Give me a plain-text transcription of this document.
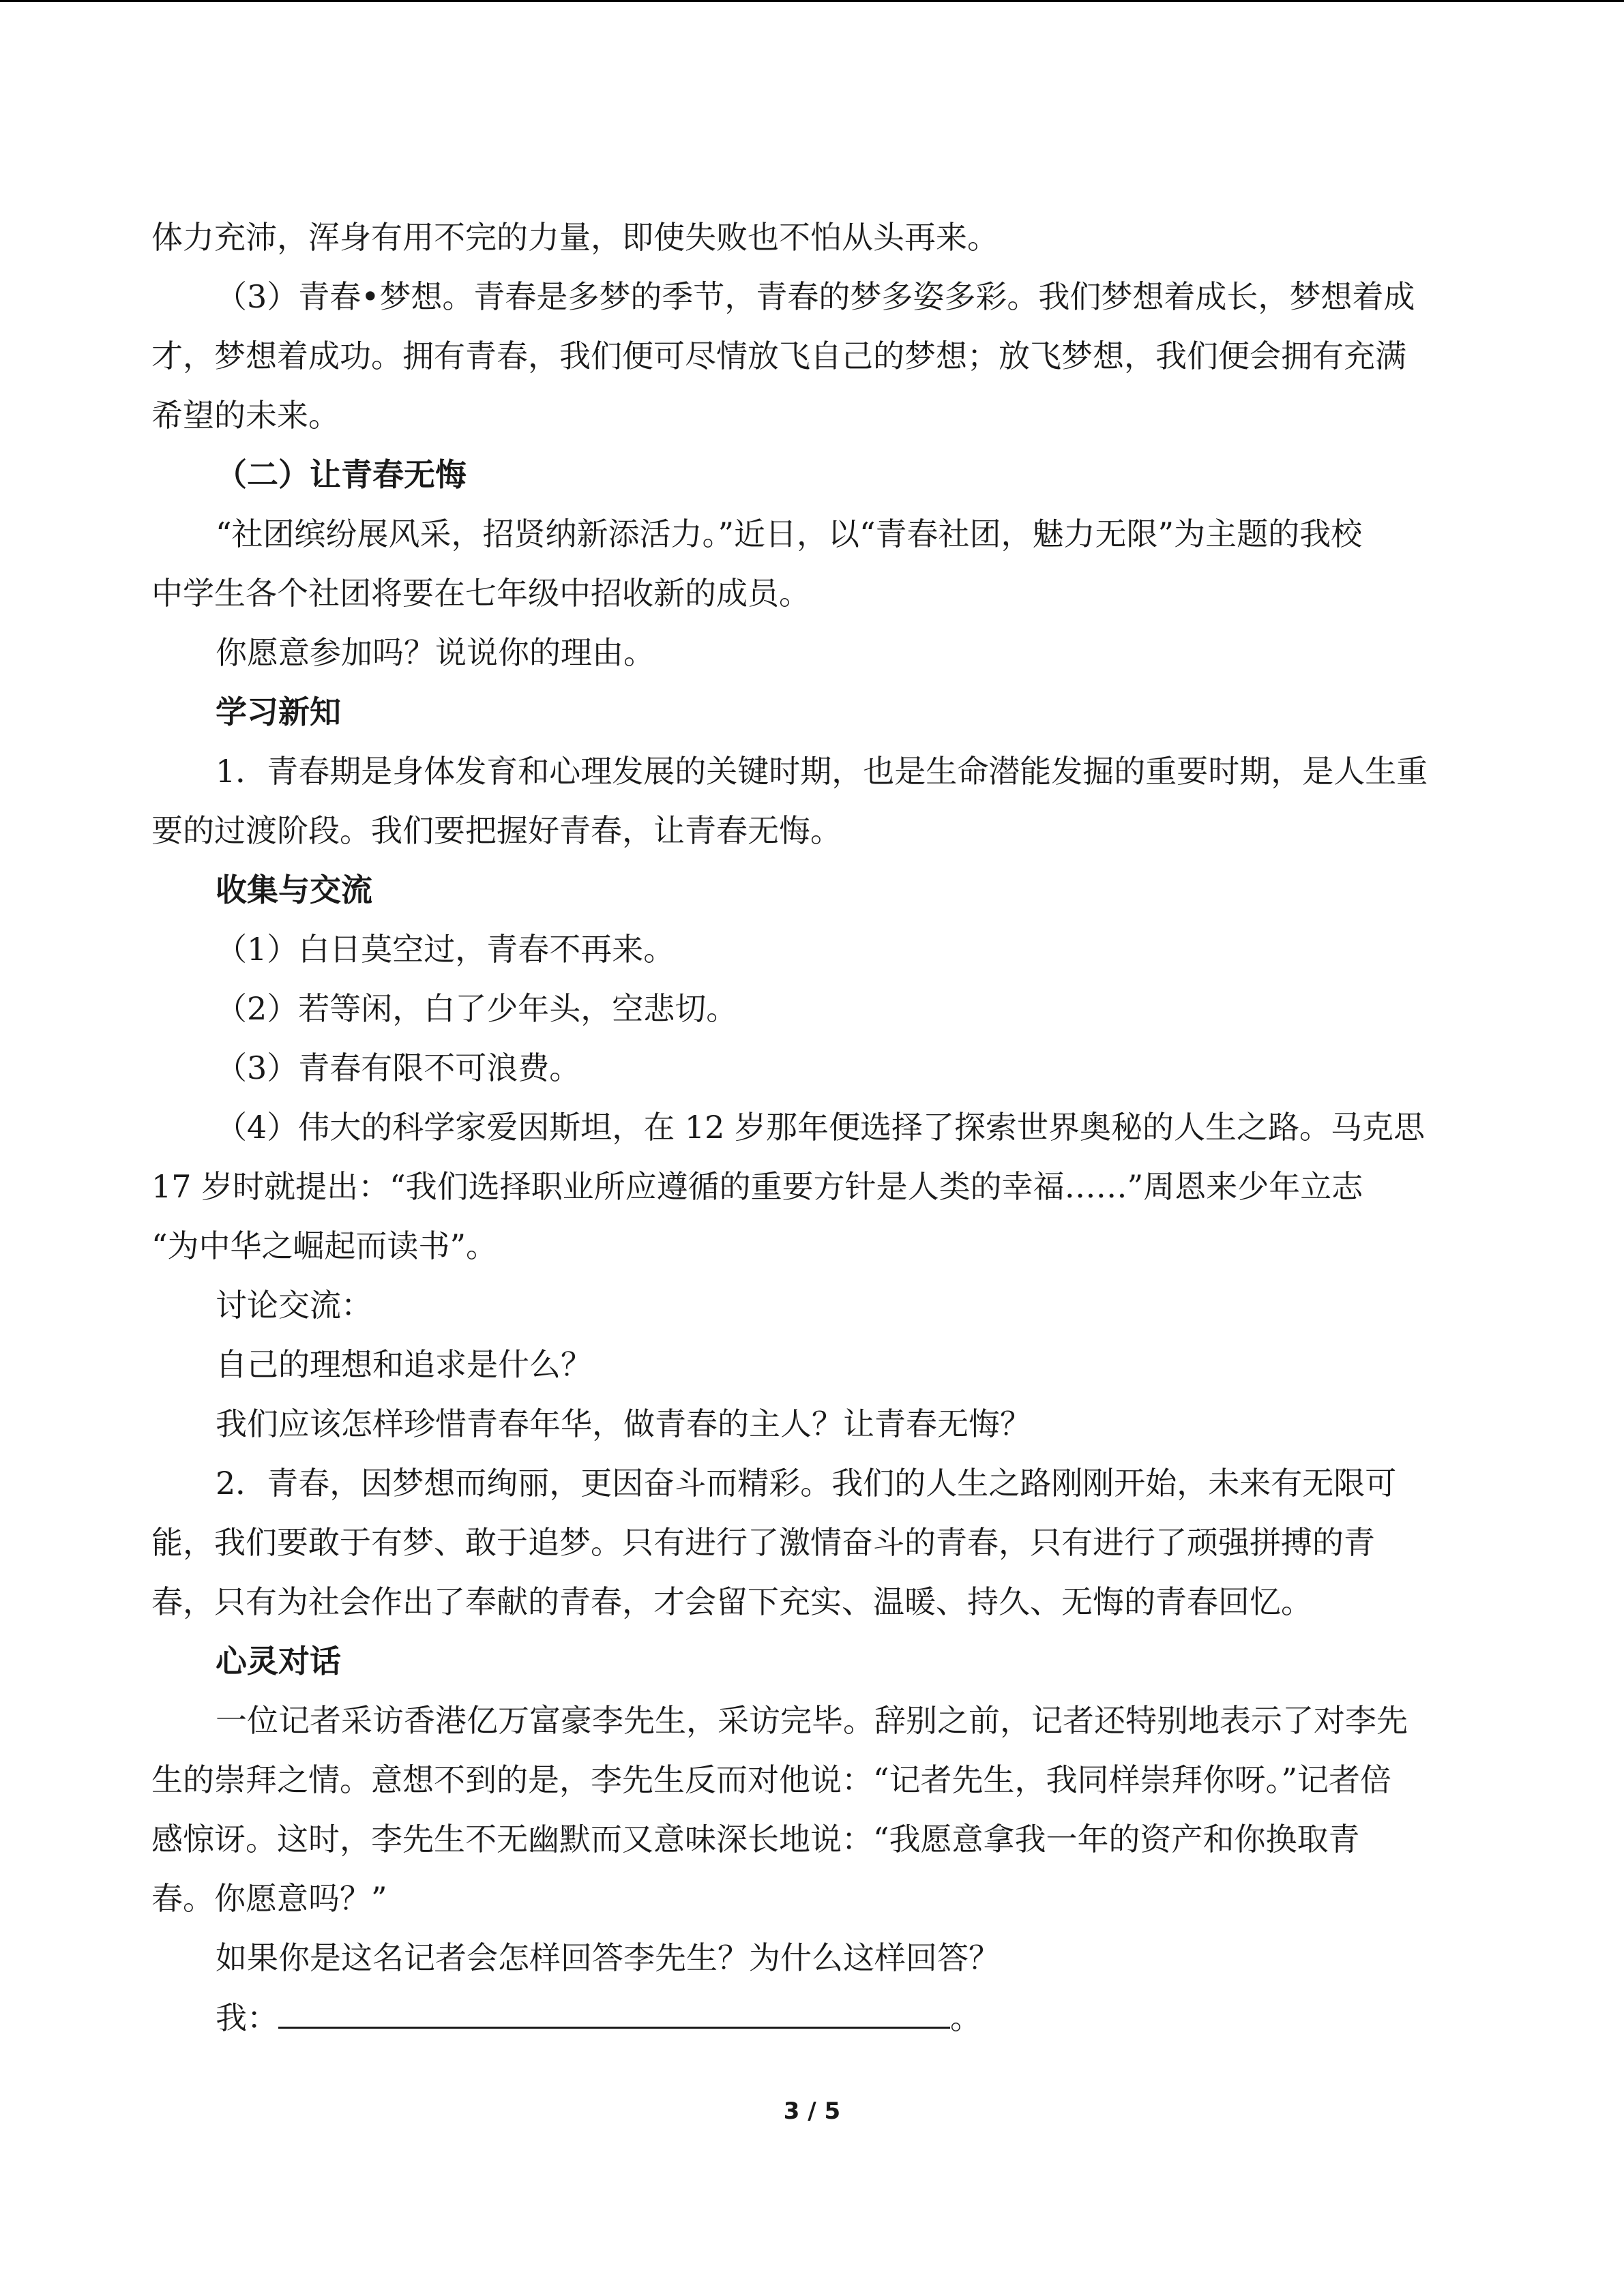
体力充沛，浑身有用不完的力量，即使失败也不怕从头再来。
（3）青春•梦想。青春是多梦的季节，青春的梦多姿多彩。我们梦想着成长，梦想着成
才，梦想着成功。拥有青春，我们便可尽情放飞自己的梦想；放飞梦想，我们便会拥有充满
希望的未来。
（二）让青春无悔
“社团缤纷展风采，招贤纳新添活力。”近日，以“青春社团，魅力无限”为主题的我校
中学生各个社团将要在七年级中招收新的成员。
你愿意参加吗？说说你的理由。
学习新知
1．青春期是身体发育和心理发展的关键时期，也是生命潜能发掘的重要时期，是人生重
要的过渡阶段。我们要把握好青春，让青春无悔。
收集与交流
（1）白日莫空过，青春不再来。
（2）若等闲，白了少年头，空悲切。
（3）青春有限不可浪费。
（4）伟大的科学家爱因斯坦，在 12 岁那年便选择了探索世界奥秘的人生之路。马克思
17 岁时就提出：“我们选择职业所应遵循的重要方针是人类的幸福……”周恩来少年立志
“为中华之崛起而读书”。
讨论交流：
自己的理想和追求是什么？
我们应该怎样珍惜青春年华，做青春的主人？让青春无悔？
2．青春，因梦想而绚丽，更因奋斗而精彩。我们的人生之路刚刚开始，未来有无限可
能，我们要敢于有梦、敢于追梦。只有进行了激情奋斗的青春，只有进行了顽强拼搏的青
春，只有为社会作出了奉献的青春，才会留下充实、温暖、持久、无悔的青春回忆。
心灵对话
一位记者采访香港亿万富豪李先生，采访完毕。辞别之前，记者还特别地表示了对李先
生的崇拜之情。意想不到的是，李先生反而对他说：“记者先生，我同样崇拜你呀。”记者倍
感惊讶。这时，李先生不无幽默而又意味深长地说：“我愿意拿我一年的资产和你换取青
春。你愿意吗？”
如果你是这名记者会怎样回答李先生？为什么这样回答？
我：	。
3 / 5
